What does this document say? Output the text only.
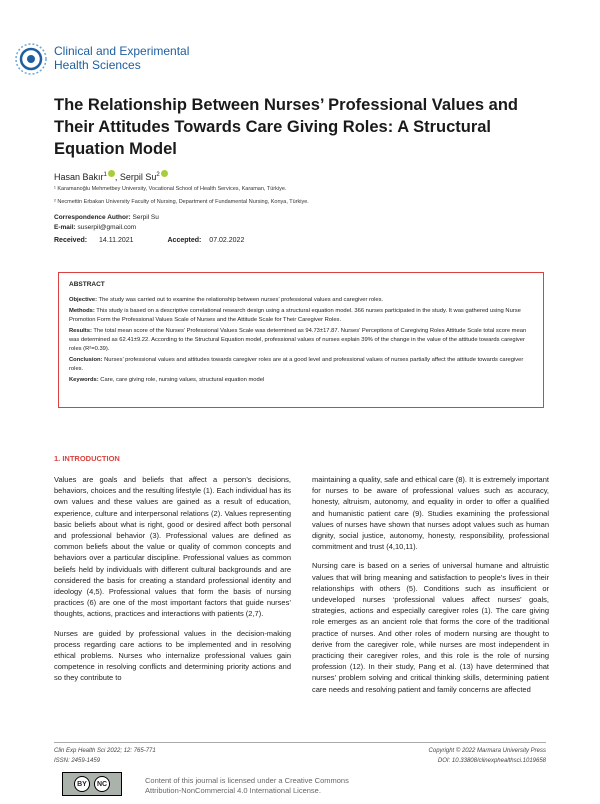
Clinical and Experimental
Health Sciences
The Relationship Between Nurses’ Professional Values and Their Attitudes Towards Care Giving Roles: A Structural Equation Model
Hasan Bakır$^1$ , Serpil Su$^2$
¹ Karamanoğlu Mehmetbey University, Vocational School of Health Services, Karaman, Türkiye.
² Necmettin Erbakan University Faculty of Nursing, Department of Fundamental Nursing, Konya, Türkiye.
Correspondence Author: Serpil Su
E-mail: suserpil@gmail.com
Received: 14.11.2021	Accepted: 07.02.2022
ABSTRACT

Objective: The study was carried out to examine the relationship between nurses’ professional values and caregiver roles.

Methods: This study is based on a descriptive correlational research design using a structural equation model. 366 nurses participated in the study. It was gathered using Nurse Promotion Form the Professional Values Scale of Nurses and the Attitude Scale for Their Caregiver Roles.

Results: The total mean score of the Nurses’ Professional Values Scale was determined as 94.73±17.87. Nurses’ Perceptions of Caregiving Roles Attitude Scale total score mean was determined as 62.41±9.22. According to the Structural Equation model, professional values of nurses explain 39% of the change in the value of the attitude towards caregiver roles (R²=0.39).

Conclusion: Nurses’ professional values and attitudes towards caregiver roles are at a good level and professional values of nurses partially affect the attitude towards caregiver roles.

Keywords: Care, care giving role, nursing values, structural equation model

1. INTRODUCTION

Values are goals and beliefs that affect a person’s decisions, behaviors, choices and the resulting lifestyle (1). Each individual has its own values and these values are gained as a result of education, experience, culture and interpersonal relations (2). Values representing basic beliefs about what is right, good or desired affect both personal and professional behavior (3). Professional values are defined as common beliefs about the value or quality of common concepts and behaviors over a particular discipline. Professional values as common beliefs held by individuals with different cultural backgrounds and are considered the basis for creating a standard professional identity and ideology (4,5). Professional values that form the basis of nursing practices (6) are one of the most important factors that guide nurses’ thoughts, actions, practices and interactions with patients (2,7).

Nurses are guided by professional values in the decision-making process regarding care actions to be implemented and in resolving ethical problems. Nurses who internalize professional values gain competence in resolving conflicts and determining priority actions and so they contribute to

maintaining a quality, safe and ethical care (8). It is extremely important for nurses to be aware of professional values such as accuracy, honesty, altruism, autonomy, and equality in order to offer a qualified and humanistic patient care (9). Studies examining the professional values of nurses have shown that nurses adopt values such as human dignity, social justice, autonomy, honesty, responsibility, professional commitment and trust (4,10,11).

Nursing care is based on a series of universal humane and altruistic values that will bring meaning and satisfaction to people’s lives in their relationships with others (5). Conditions such as insufficient or undeveloped nurses ‘professional values affect nurses’ goals, strategies, actions and especially caregiver roles (1). The care giving role emerges as an ancient role that forms the core of the traditional practice of nurses. And other roles of modern nursing are thought to derive from the caregiver role, while nurses are most independent in practicing their caregiver roles, and this role is the role of nursing profession (12). In their study, Pang et al. (13) have determined that nurses’ problem solving and critical thinking skills, determining patient care needs and resolving patient and family concerns are affected

Clin Exp Health Sci 2022; 12: 765-771
ISSN: 2459-1459
Copyright © 2022 Marmara University Press
DOI: 10.33808/clinexphealthsci.1019658
BY	NC	Content of this journal is licensed under a Creative Commons
Attribution-NonCommercial 4.0 International License.
